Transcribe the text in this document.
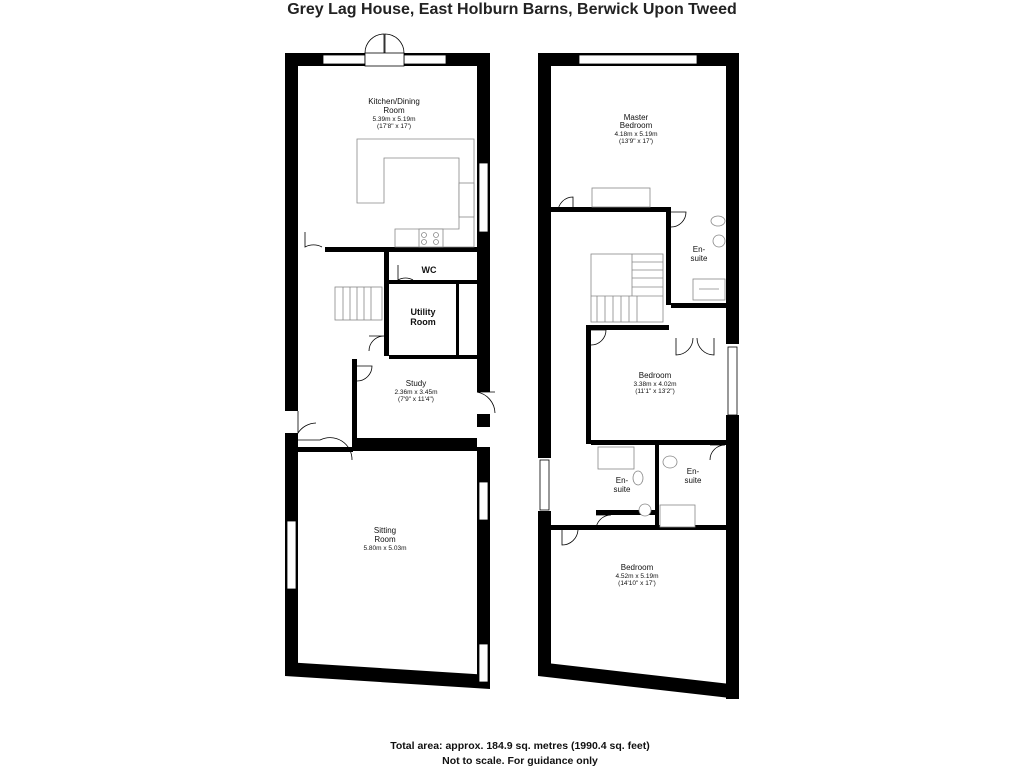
Grey Lag House, East Holburn Barns, Berwick Upon Tweed
Kitchen/Dining
Room
5.39m x 5.19m
(17'8" x 17')
WC
Utility
Room
Study
2.36m x 3.45m
(7'9" x 11'4")
Sitting
Room
5.80m x 5.03m
Master
Bedroom
4.18m x 5.19m
(13'9" x 17')
En-
suite
Bedroom
3.38m x 4.02m
(11'1" x 13'2")
En-
suite
En-
suite
Bedroom
4.52m x 5.19m
(14'10" x 17')
Total area: approx. 184.9 sq. metres (1990.4 sq. feet)
Not to scale. For guidance only
